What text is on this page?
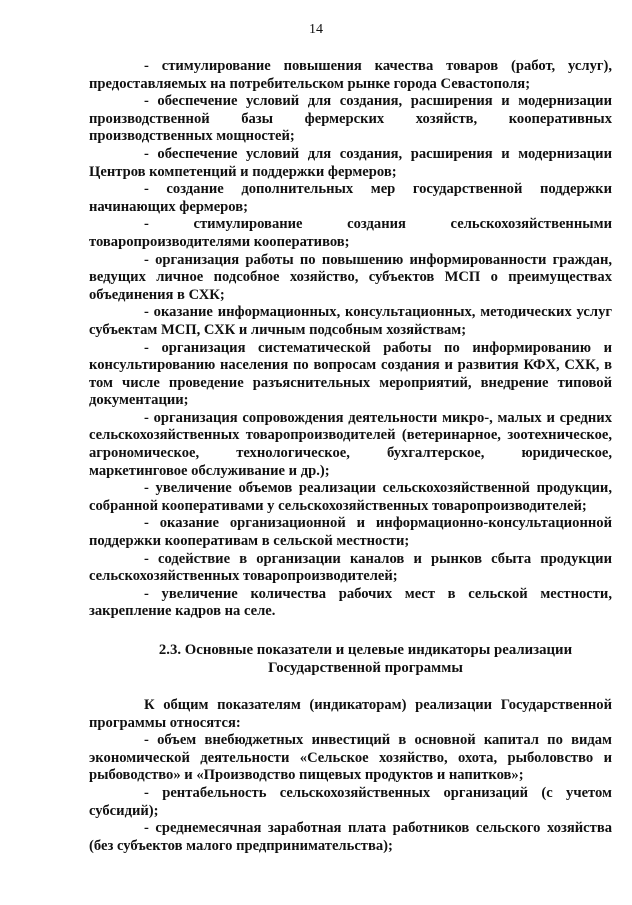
14

- стимулирование повышения качества товаров (работ, услуг), предоставляемых на потребительском рынке города Севастополя;

- обеспечение условий для создания, расширения и модернизации производственной базы фермерских хозяйств, кооперативных производственных мощностей;

- обеспечение условий для создания, расширения и модернизации Центров компетенций и поддержки фермеров;

- создание дополнительных мер государственной поддержки начинающих фермеров;

- стимулирование создания сельскохозяйственными товаропроизводителями кооперативов;

- организация работы по повышению информированности граждан, ведущих личное подсобное хозяйство, субъектов МСП о преимуществах объединения в СХК;

- оказание информационных, консультационных, методических услуг субъектам МСП, СХК и личным подсобным хозяйствам;

- организация систематической работы по информированию и консультированию населения по вопросам создания и развития КФХ, СХК, в том числе проведение разъяснительных мероприятий, внедрение типовой документации;

- организация сопровождения деятельности микро-, малых и средних сельскохозяйственных товаропроизводителей (ветеринарное, зоотехническое, агрономическое, технологическое, бухгалтерское, юридическое, маркетинговое обслуживание и др.);

- увеличение объемов реализации сельскохозяйственной продукции, собранной кооперативами у сельскохозяйственных товаропроизводителей;

- оказание организационной и информационно-консультационной поддержки кооперативам в сельской местности;

- содействие в организации каналов и рынков сбыта продукции сельскохозяйственных товаропроизводителей;

- увеличение количества рабочих мест в сельской местности, закрепление кадров на селе.

2.3. Основные показатели и целевые индикаторы реализации
Государственной программы

К общим показателям (индикаторам) реализации Государственной программы относятся:

- объем внебюджетных инвестиций в основной капитал по видам экономической деятельности «Сельское хозяйство, охота, рыболовство и рыбоводство» и «Производство пищевых продуктов и напитков»;

- рентабельность сельскохозяйственных организаций (с учетом субсидий);

- среднемесячная заработная плата работников сельского хозяйства (без субъектов малого предпринимательства);
